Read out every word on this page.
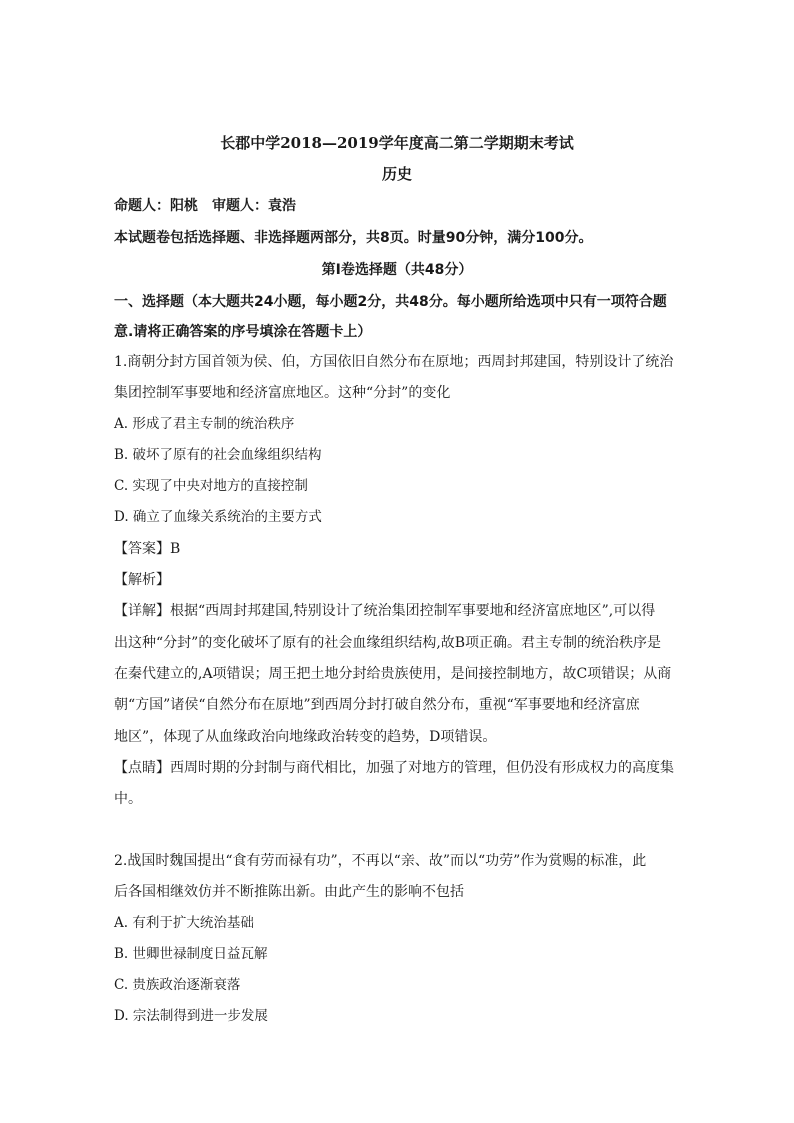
长郡中学2018—2019学年度高二第二学期期末考试
历史
命题人：阳桃　审题人：袁浩
本试题卷包括选择题、非选择题两部分，共8页。时量90分钟，满分100分。
第Ⅰ卷选择题（共48分）
一、选择题（本大题共24小题，每小题2分，共48分。每小题所给选项中只有一项符合题
意.请将正确答案的序号填涂在答题卡上）
1.商朝分封方国首领为侯、伯，方国依旧自然分布在原地；西周封邦建国，特别设计了统治
集团控制军事要地和经济富庶地区。这种“分封”的变化
A. 形成了君主专制的统治秩序
B. 破坏了原有的社会血缘组织结构
C. 实现了中央对地方的直接控制
D. 确立了血缘关系统治的主要方式
【答案】B
【解析】
【详解】根据“西周封邦建国,特别设计了统治集团控制军事要地和经济富庶地区”,可以得
出这种“分封”的变化破坏了原有的社会血缘组织结构,故B项正确。君主专制的统治秩序是
在秦代建立的,A项错误；周王把土地分封给贵族使用，是间接控制地方，故C项错误；从商
朝“方国”诸侯“自然分布在原地”到西周分封打破自然分布，重视“军事要地和经济富庶
地区”，体现了从血缘政治向地缘政治转变的趋势，D项错误。
【点睛】西周时期的分封制与商代相比，加强了对地方的管理，但仍没有形成权力的高度集
中。
2.战国时魏国提出“食有劳而禄有功”，不再以“亲、故”而以“功劳”作为赏赐的标准，此
后各国相继效仿并不断推陈出新。由此产生的影响不包括
A. 有利于扩大统治基础
B. 世卿世禄制度日益瓦解
C. 贵族政治逐渐衰落
D. 宗法制得到进一步发展
